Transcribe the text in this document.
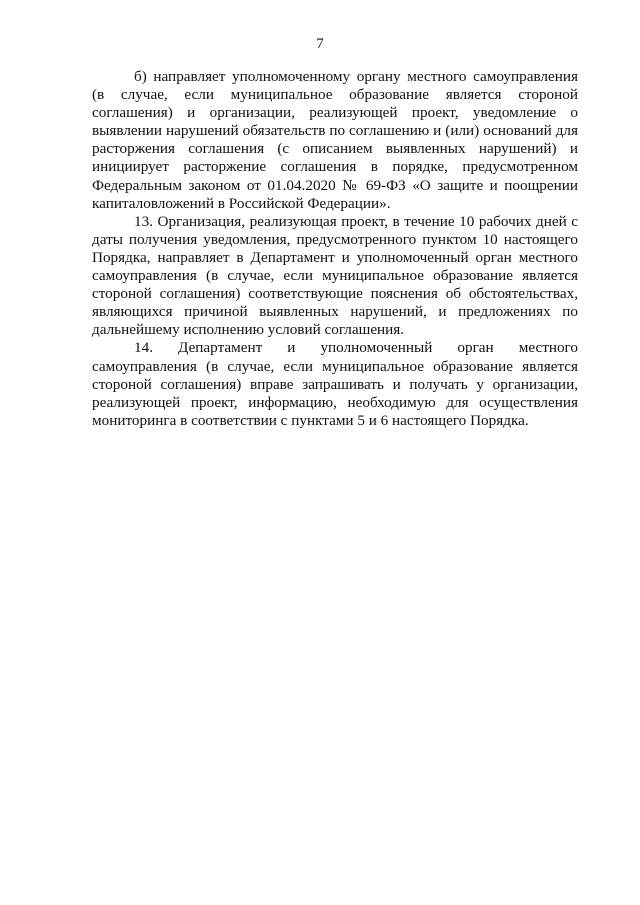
7

б) направляет уполномоченному органу местного самоуправления (в случае, если муниципальное образование является стороной соглашения) и организации, реализующей проект, уведомление о выявлении нарушений обязательств по соглашению и (или) оснований для расторжения соглашения (с описанием выявленных нарушений) и инициирует расторжение соглашения в порядке, предусмотренном Федеральным законом от 01.04.2020 № 69-ФЗ «О защите и поощрении капиталовложений в Российской Федерации».

13. Организация, реализующая проект, в течение 10 рабочих дней с даты получения уведомления, предусмотренного пунктом 10 настоящего Порядка, направляет в Департамент и уполномоченный орган местного самоуправления (в случае, если муниципальное образование является стороной соглашения) соответствующие пояснения об обстоятельствах, являющихся причиной выявленных нарушений, и предложениях по дальнейшему исполнению условий соглашения.

14. Департамент и уполномоченный орган местного самоуправления (в случае, если муниципальное образование является стороной соглашения) вправе запрашивать и получать у организации, реализующей проект, информацию, необходимую для осуществления мониторинга в соответствии с пунктами 5 и 6 настоящего Порядка.
